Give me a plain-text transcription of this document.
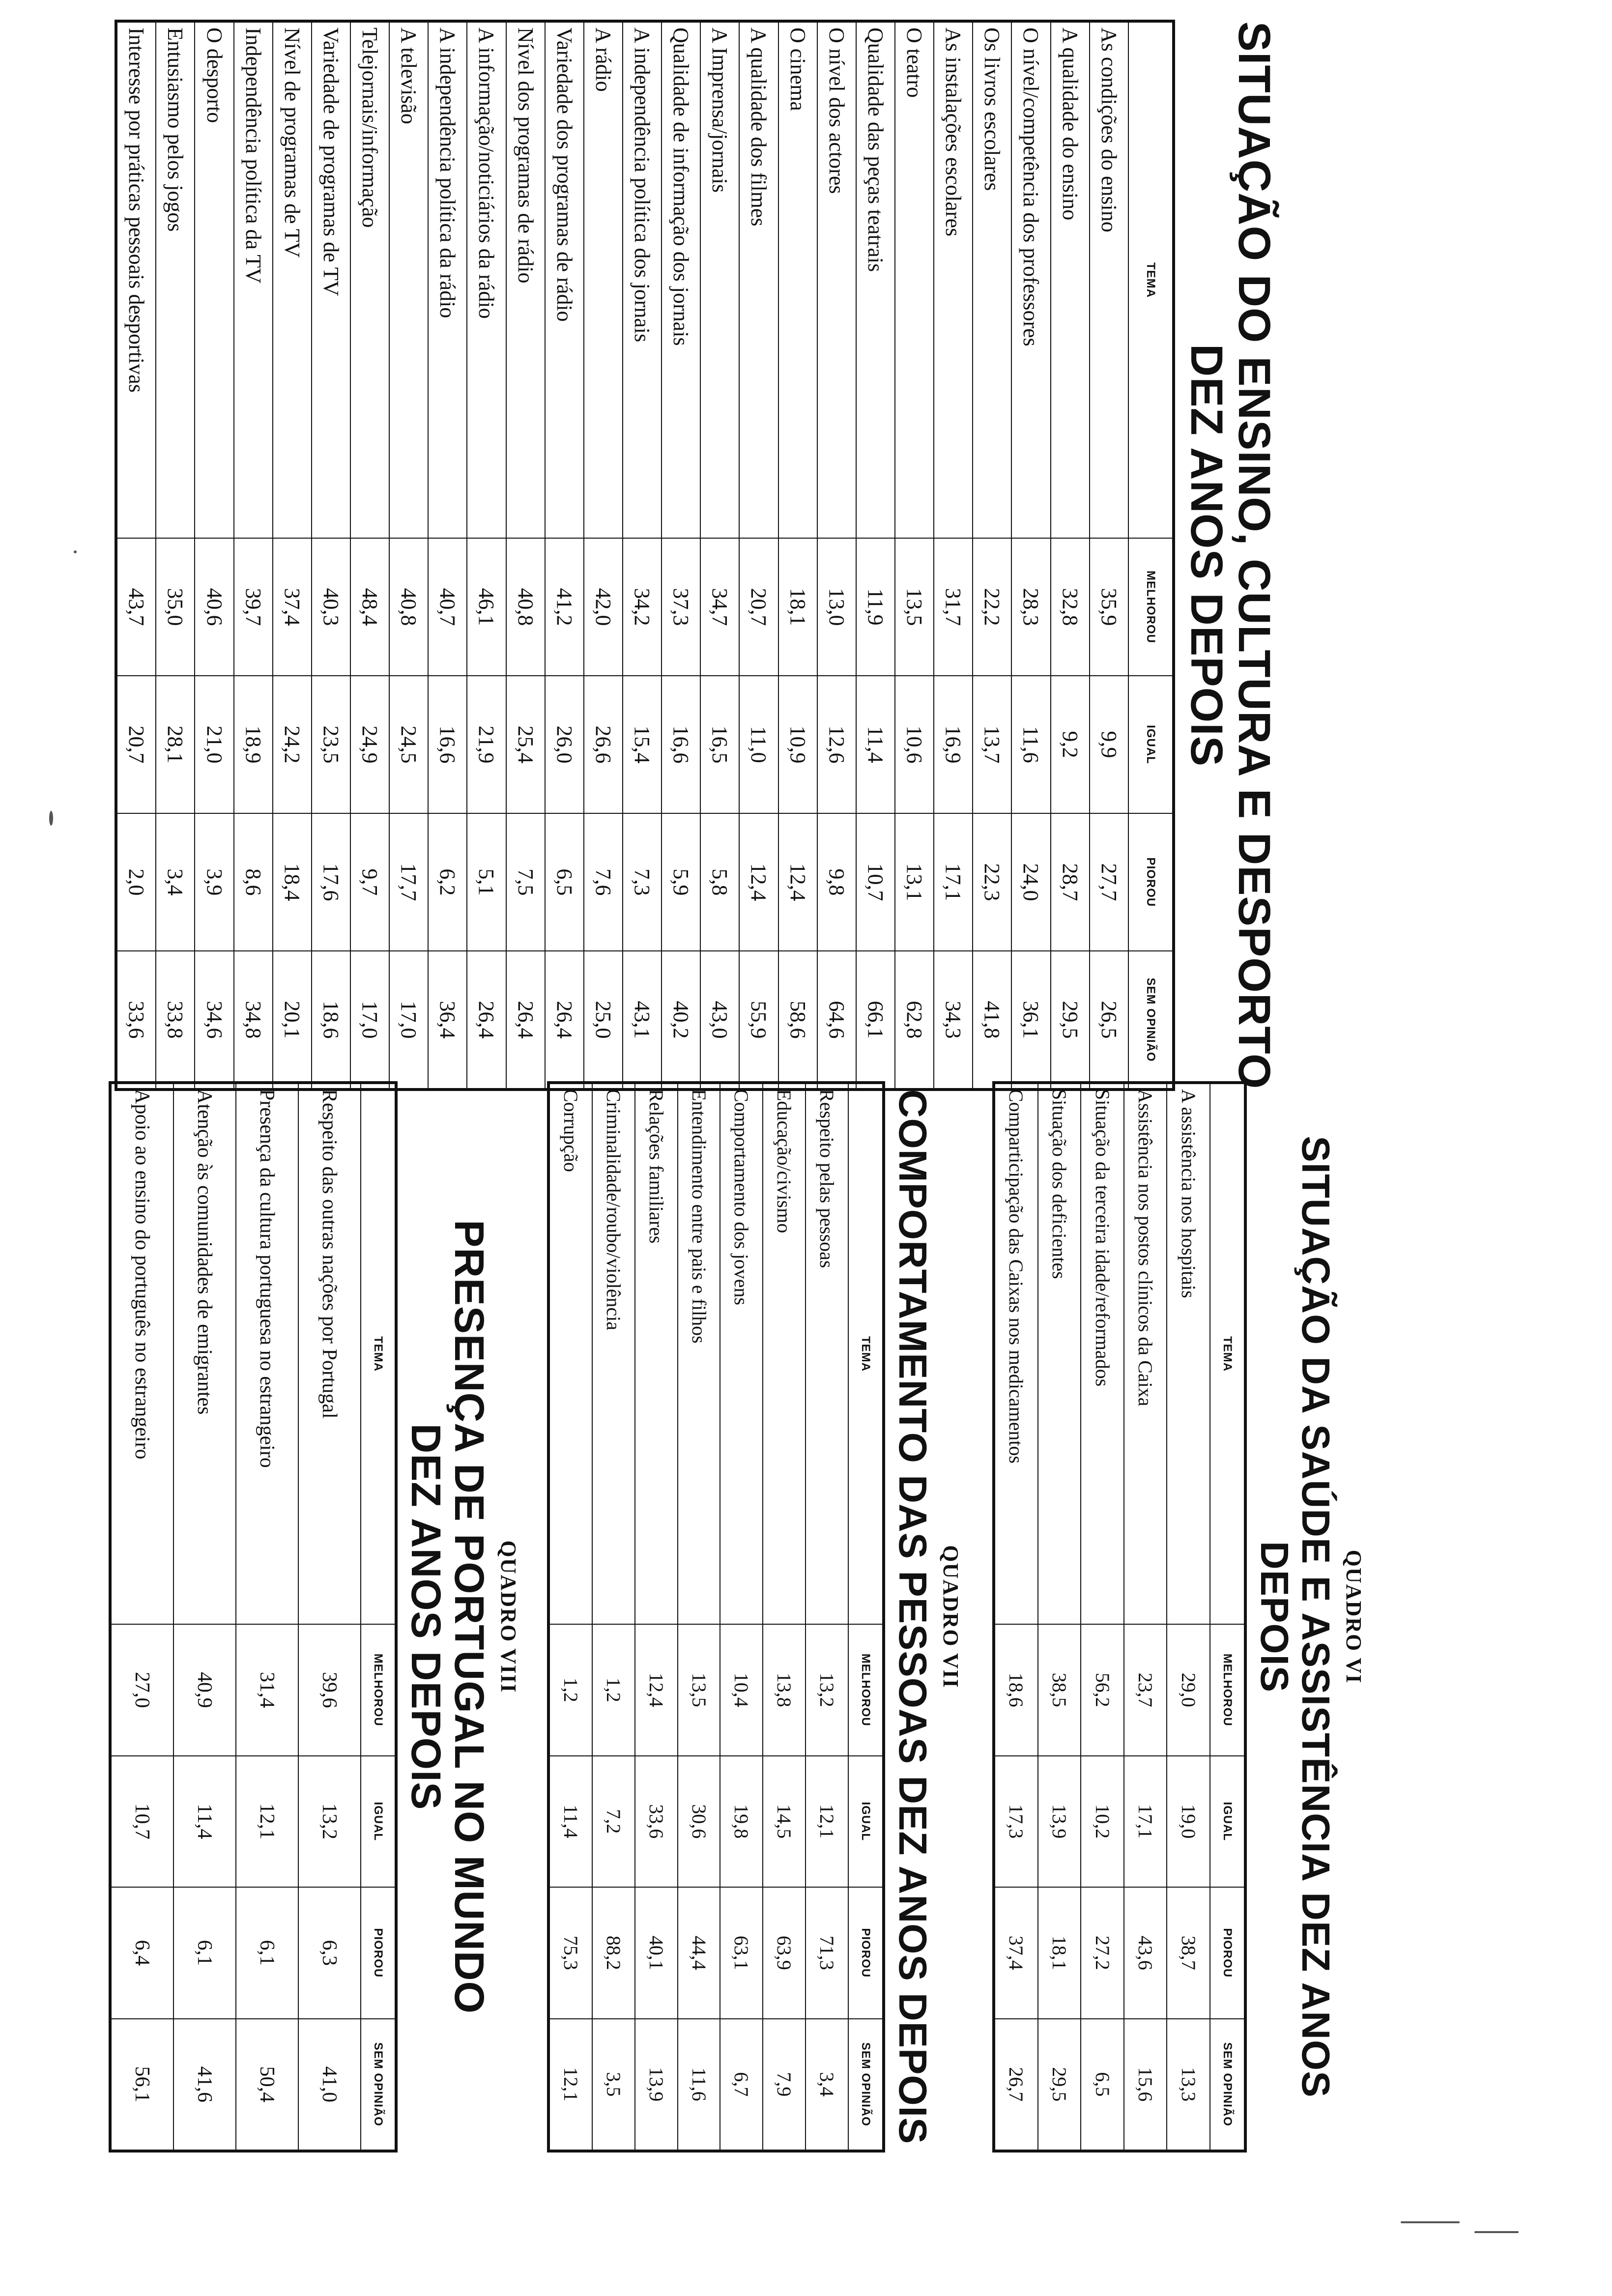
SITUAÇÃO DO ENSINO, CULTURA E DESPORTO
DEZ ANOS DEPOIS
TEMA	MELHOROU	IGUAL	PIOROU	SEM OPINIÃO
As condições do ensino	35,9	9,9	27,7	26,5
A qualidade do ensino	32,8	9,2	28,7	29,5
O nível/competência dos professores	28,3	11,6	24,0	36,1
Os livros escolares	22,2	13,7	22,3	41,8
As instalações escolares	31,7	16,9	17,1	34,3
O teatro	13,5	10,6	13,1	62,8
Qualidade das peças teatrais	11,9	11,4	10,7	66,1
O nível dos actores	13,0	12,6	9,8	64,6
O cinema	18,1	10,9	12,4	58,6
A qualidade dos filmes	20,7	11,0	12,4	55,9
A Imprensa/jornais	34,7	16,5	5,8	43,0
Qualidade de informação dos jornais	37,3	16,6	5,9	40,2
A independência política dos jornais	34,2	15,4	7,3	43,1
A rádio	42,0	26,6	7,6	25,0
Variedade dos programas de rádio	41,2	26,0	6,5	26,4
Nível dos programas de rádio	40,8	25,4	7,5	26,4
A informação/noticiários da rádio	46,1	21,9	5,1	26,4
A independência política da rádio	40,7	16,6	6,2	36,4
A televisão	40,8	24,5	17,7	17,0
Telejornais/informação	48,4	24,9	9,7	17,0
Variedade de programas de TV	40,3	23,5	17,6	18,6
Nível de programas de TV	37,4	24,2	18,4	20,1
Independência política da TV	39,7	18,9	8,6	34,8
O desporto	40,6	21,0	3,9	34,6
Entusiasmo pelos jogos	35,0	28,1	3,4	33,8
Interesse por práticas pessoais desportivas	43,7	20,7	2,0	33,6
QUADRO VI
SITUAÇÃO DA SAÚDE E ASSISTÊNCIA DEZ ANOS DEPOIS
TEMA	MELHOROU	IGUAL	PIOROU	SEM OPINIÃO
A assistência nos hospitais	29,0	19,0	38,7	13,3
Assistência nos postos clínicos da Caixa	23,7	17,1	43,6	15,6
Situação da terceira idade/reformados	56,2	10,2	27,2	6,5
Situação dos deficientes	38,5	13,9	18,1	29,5
Comparticipação das Caixas nos medicamentos	18,6	17,3	37,4	26,7
QUADRO VII
COMPORTAMENTO DAS PESSOAS DEZ ANOS DEPOIS
TEMA	MELHOROU	IGUAL	PIOROU	SEM OPINIÃO
Respeito pelas pessoas	13,2	12,1	71,3	3,4
Educação/civismo	13,8	14,5	63,9	7,9
Comportamento dos jovens	10,4	19,8	63,1	6,7
Entendimento entre pais e filhos	13,5	30,6	44,4	11,6
Relações familiares	12,4	33,6	40,1	13,9
Criminalidade/roubo/violência	1,2	7,2	88,2	3,5
Corrupção	1,2	11,4	75,3	12,1
QUADRO VIII
PRESENÇA DE PORTUGAL NO MUNDO
DEZ ANOS DEPOIS
TEMA	MELHOROU	IGUAL	PIOROU	SEM OPINIÃO
Respeito das outras nações por Portugal	39,6	13,2	6,3	41,0
Presença da cultura portuguesa no estrangeiro	31,4	12,1	6,1	50,4
Atenção às comunidades de emigrantes	40,9	11,4	6,1	41,6
Apoio ao ensino do português no estrangeiro	27,0	10,7	6,4	56,1
